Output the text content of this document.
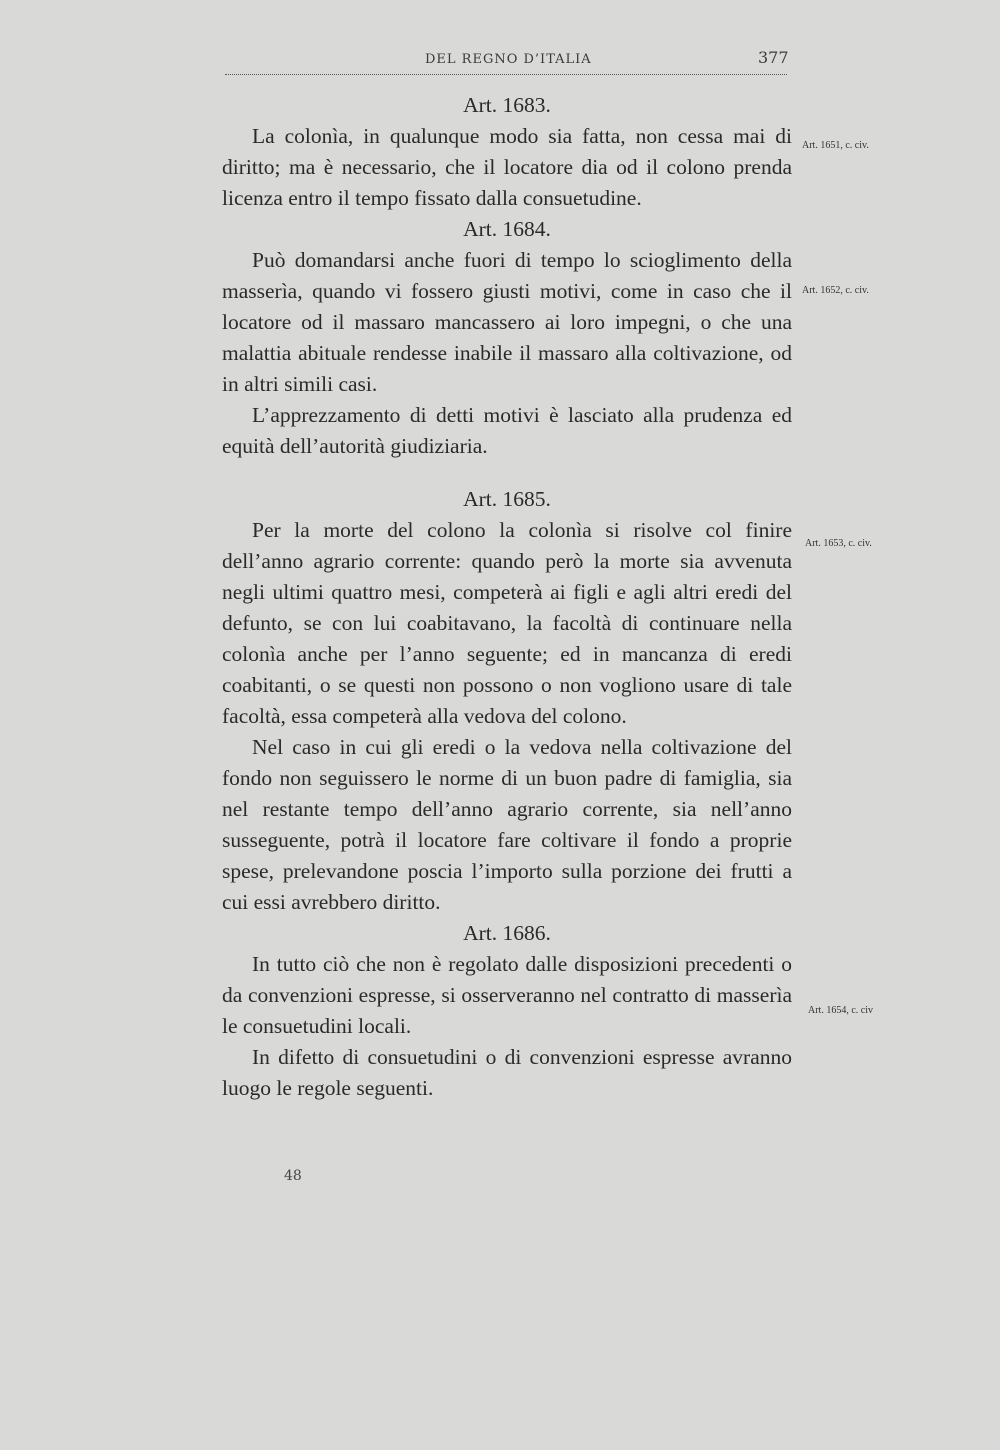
DEL REGNO D’ITALIA	377
Art. 1683.

La colonìa, in qualunque modo sia fatta, non cessa mai di diritto; ma è necessario, che il locatore dia od il colono prenda licenza entro il tempo fissato dalla consuetudine.

Art. 1684.

Può domandarsi anche fuori di tempo lo scioglimento della masserìa, quando vi fossero giusti motivi, come in caso che il locatore od il massaro mancassero ai loro impegni, o che una malattia abituale rendesse inabile il massaro alla coltivazione, od in altri simili casi.

L’apprezzamento di detti motivi è lasciato alla prudenza ed equità dell’autorità giudiziaria.

Art. 1685.

Per la morte del colono la colonìa si risolve col finire dell’anno agrario corrente: quando però la morte sia avvenuta negli ultimi quattro mesi, competerà ai figli e agli altri eredi del defunto, se con lui coabitavano, la facoltà di continuare nella colonìa anche per l’anno seguente; ed in mancanza di eredi coabitanti, o se questi non possono o non vogliono usare di tale facoltà, essa competerà alla vedova del colono.

Nel caso in cui gli eredi o la vedova nella coltivazione del fondo non seguissero le norme di un buon padre di famiglia, sia nel restante tempo dell’anno agrario corrente, sia nell’anno susseguente, potrà il locatore fare coltivare il fondo a proprie spese, prelevandone poscia l’importo sulla porzione dei frutti a cui essi avrebbero diritto.

Art. 1686.

In tutto ciò che non è regolato dalle disposizioni precedenti o da convenzioni espresse, si osserveranno nel contratto di masserìa le consuetudini locali.

In difetto di consuetudini o di convenzioni espresse avranno luogo le regole seguenti.

Art. 1651, c. civ.
Art. 1652, c. civ.
Art. 1653, c. civ.
Art. 1654, c. civ
48
